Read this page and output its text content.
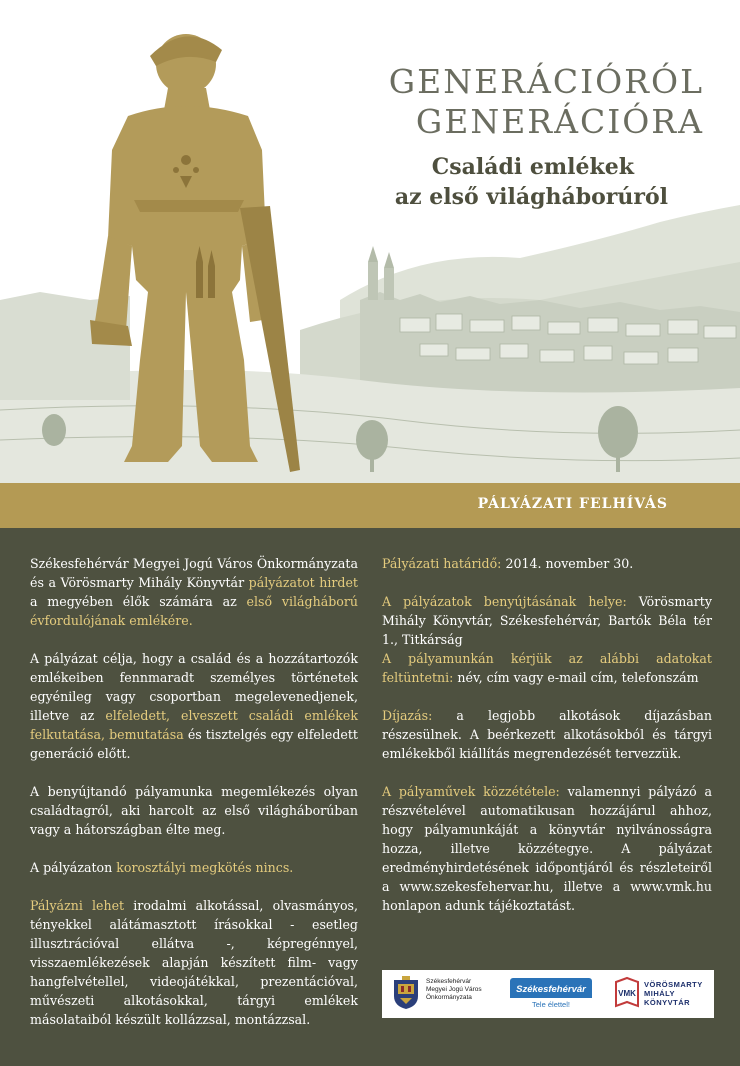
GENERÁCIÓRÓL
GENERÁCIÓRA
Családi emlékek
az első világháborúról
PÁLYÁZATI FELHÍVÁS

Székesfehérvár Megyei Jogú Város Önkormányzata és a Vörösmarty Mihály Könyvtár pályázatot hirdet a megyében élők számára az első világháború évfordulójának emlékére.

A pályázat célja, hogy a család és a hozzátartozók emlékeiben fennmaradt személyes történetek egyénileg vagy csoportban megelevenedjenek, illetve az elfeledett, elveszett családi emlékek felkutatása, bemutatása és tisztelgés egy elfeledett generáció előtt.

A benyújtandó pályamunka megemlékezés olyan családtagról, aki harcolt az első világháborúban vagy a hátországban élte meg.

A pályázaton korosztályi megkötés nincs.

Pályázni lehet irodalmi alkotással, olvasmányos, tényekkel alátámasztott írásokkal - esetleg illusztrációval ellátva -, képregénnyel, visszaemlékezések alapján készített film- vagy hangfelvétellel, videojátékkal, prezentációval, művészeti alkotásokkal, tárgyi emlékek másolataiból készült kollázzsal, montázzsal.

Pályázati határidő: 2014. november 30.

A pályázatok benyújtásának helye: Vörösmarty Mihály Könyvtár, Székesfehérvár, Bartók Béla tér 1., Titkárság

A pályamunkán kérjük az alábbi adatokat feltüntetni: név, cím vagy e-mail cím, telefonszám

Díjazás: a legjobb alkotások díjazásban részesülnek. A beérkezett alkotásokból és tárgyi emlékekből kiállítás megrendezését tervezzük.

A pályaművek közzététele: valamennyi pályázó a részvételével automatikusan hozzájárul ahhoz, hogy pályamunkáját a könyvtár nyilvánosságra hozza, illetve közzétegye. A pályázat eredményhirdetésének időpontjáról és részleteiről a www.szekesfehervar.hu, illetve a www.vmk.hu honlapon adunk tájékoztatást.

Székesfehérvár
Megyei Jogú Város
Önkormányzata
Székesfehérvár
Tele élettel!
VMK
VÖRÖSMARTY
MIHÁLY
KÖNYVTÁR
